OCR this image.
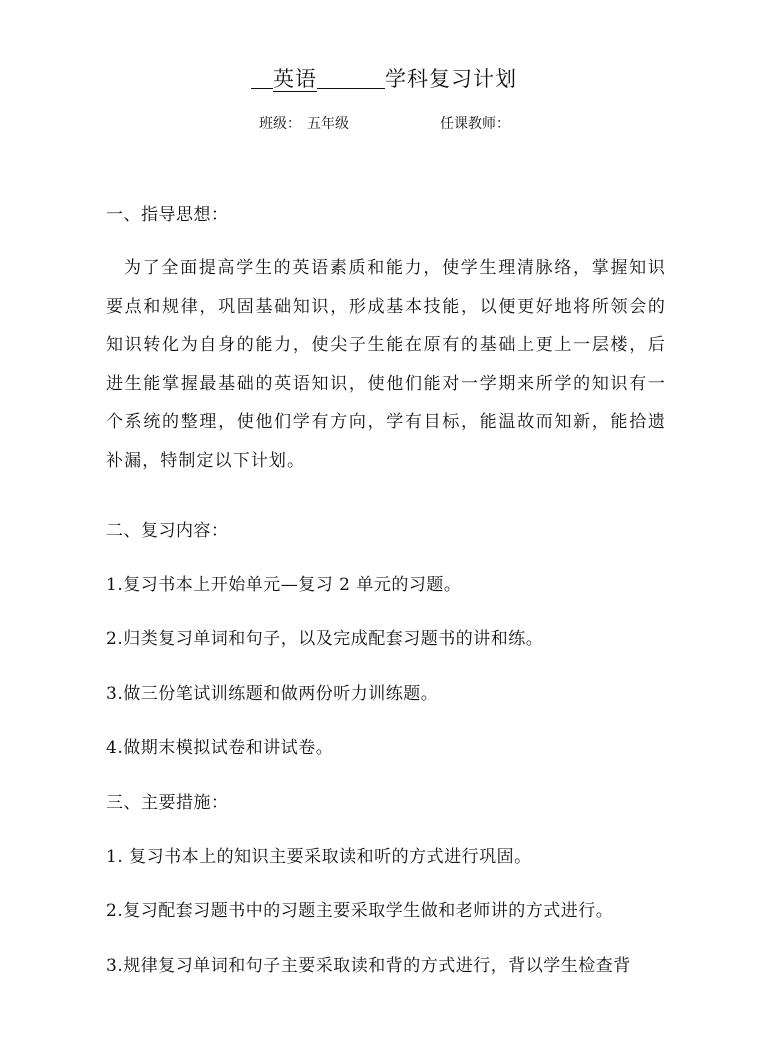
英语	学科复习计划
班级： 五年级	任课教师：
一、指导思想：
为了全面提高学生的英语素质和能力，使学生理清脉络，掌握知识要点和规律，巩固基础知识，形成基本技能，以便更好地将所领会的知识转化为自身的能力，使尖子生能在原有的基础上更上一层楼，后进生能掌握最基础的英语知识，使他们能对一学期来所学的知识有一个系统的整理，使他们学有方向，学有目标，能温故而知新，能拾遗补漏，特制定以下计划。
二、复习内容：
1.复习书本上开始单元—复习 2 单元的习题。
2.归类复习单词和句子，以及完成配套习题书的讲和练。
3.做三份笔试训练题和做两份听力训练题。
4.做期末模拟试卷和讲试卷。
三、主要措施：
1. 复习书本上的知识主要采取读和听的方式进行巩固。
2.复习配套习题书中的习题主要采取学生做和老师讲的方式进行。
3.规律复习单词和句子主要采取读和背的方式进行，背以学生检查背
